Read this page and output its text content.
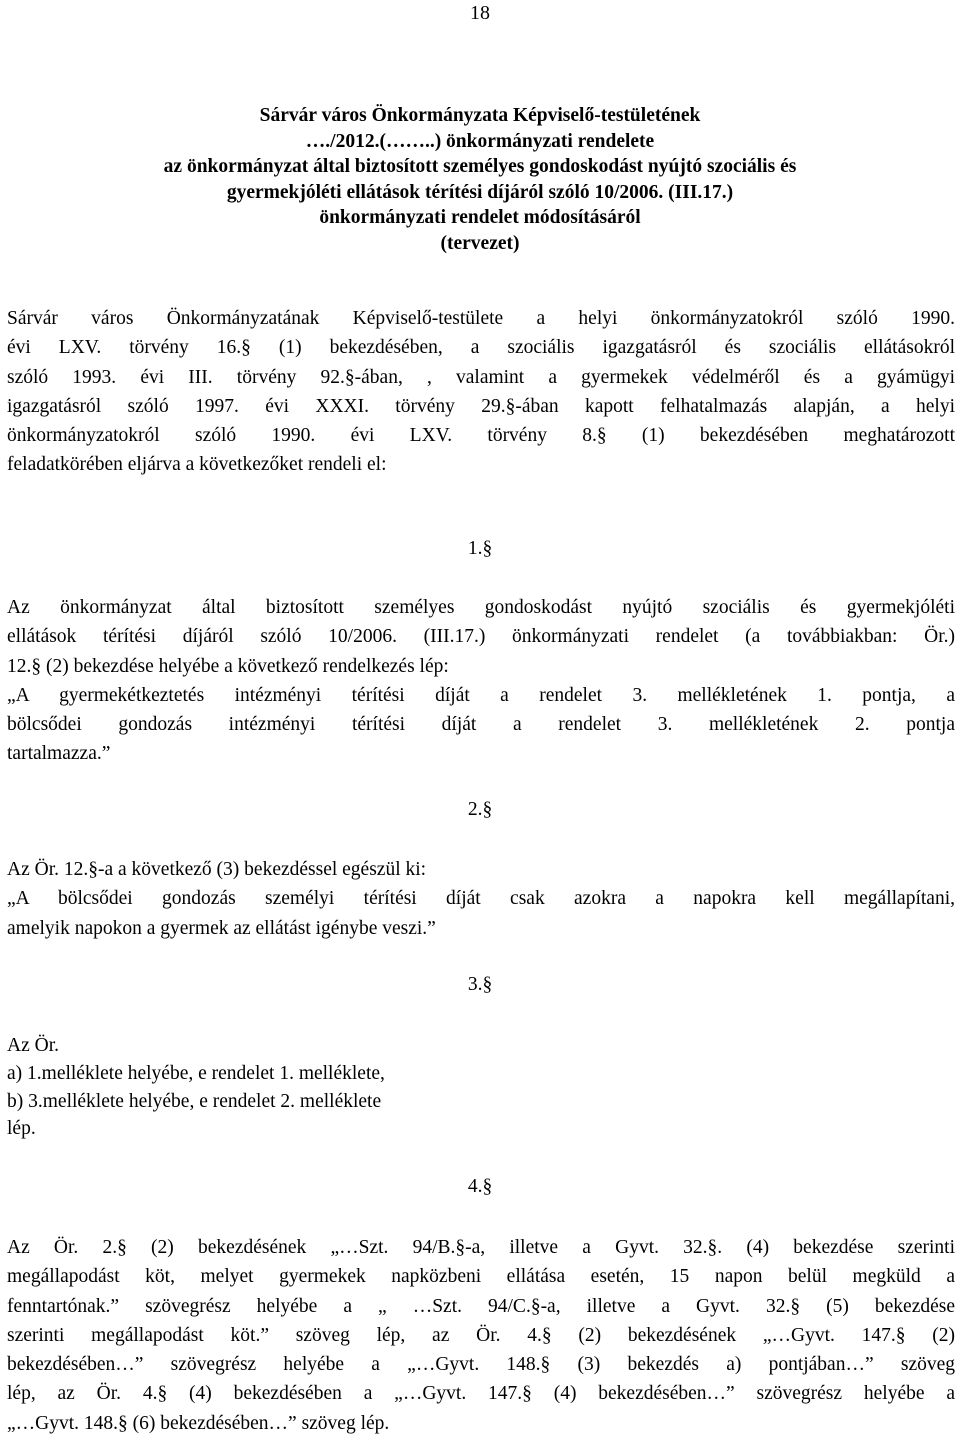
18
Sárvár város Önkormányzata Képviselő-testületének
…./2012.(……..) önkormányzati rendelete
az önkormányzat által biztosított személyes gondoskodást nyújtó szociális és
gyermekjóléti ellátások térítési díjáról szóló 10/2006. (III.17.)
önkormányzati rendelet módosításáról
(tervezet)
Sárvár város Önkormányzatának Képviselő-testülete a helyi önkormányzatokról szóló 1990.
évi LXV. törvény 16.§ (1) bekezdésében, a szociális igazgatásról és szociális ellátásokról
szóló 1993. évi III. törvény 92.§-ában, , valamint a gyermekek védelméről és a gyámügyi
igazgatásról szóló 1997. évi XXXI. törvény 29.§-ában kapott felhatalmazás alapján, a helyi
önkormányzatokról szóló 1990. évi LXV. törvény 8.§ (1) bekezdésében meghatározott
feladatkörében eljárva a következőket rendeli el:
1.§
Az önkormányzat által biztosított személyes gondoskodást nyújtó szociális és gyermekjóléti
ellátások térítési díjáról szóló 10/2006. (III.17.) önkormányzati rendelet (a továbbiakban: Ör.)
12.§ (2) bekezdése helyébe a következő rendelkezés lép:
„A gyermekétkeztetés intézményi térítési díját a rendelet 3. mellékletének 1. pontja, a
bölcsődei gondozás intézményi térítési díját a rendelet 3. mellékletének 2. pontja
tartalmazza.”
2.§
Az Ör. 12.§-a a következő (3) bekezdéssel egészül ki:
„A bölcsődei gondozás személyi térítési díját csak azokra a napokra kell megállapítani,
amelyik napokon a gyermek az ellátást igénybe veszi.”
3.§
Az Ör.
a) 1.melléklete helyébe, e rendelet 1. melléklete,
b) 3.melléklete helyébe, e rendelet 2. melléklete
lép.
4.§
Az Ör. 2.§ (2) bekezdésének „…Szt. 94/B.§-a, illetve a Gyvt. 32.§. (4) bekezdése szerinti
megállapodást köt, melyet gyermekek napközbeni ellátása esetén, 15 napon belül megküld a
fenntartónak.” szövegrész helyébe a „ …Szt. 94/C.§-a, illetve a Gyvt. 32.§ (5) bekezdése
szerinti megállapodást köt.” szöveg lép, az Ör. 4.§ (2) bekezdésének „…Gyvt. 147.§ (2)
bekezdésében…” szövegrész helyébe a „…Gyvt. 148.§ (3) bekezdés a) pontjában…” szöveg
lép, az Ör. 4.§ (4) bekezdésében a „…Gyvt. 147.§ (4) bekezdésében…” szövegrész helyébe a
„…Gyvt. 148.§ (6) bekezdésében…” szöveg lép.
